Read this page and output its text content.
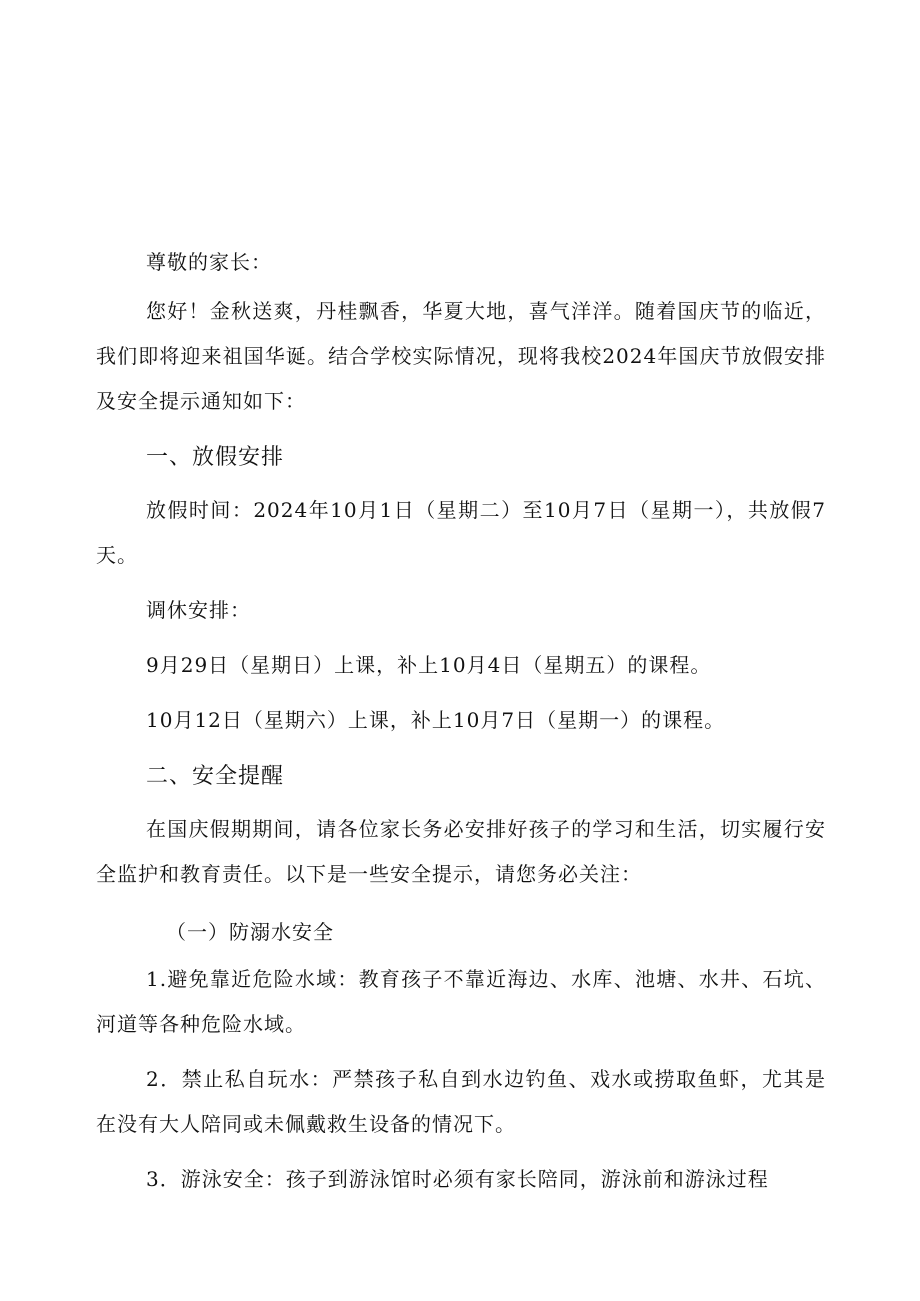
尊敬的家长：

您好！金秋送爽，丹桂飘香，华夏大地，喜气洋洋。随着国庆节的临近，我们即将迎来祖国华诞。结合学校实际情况，现将我校2024年国庆节放假安排及安全提示通知如下：

一、放假安排

放假时间：2024年10月1日（星期二）至10月7日（星期一），共放假7天。

调休安排：

9月29日（星期日）上课，补上10月4日（星期五）的课程。

10月12日（星期六）上课，补上10月7日（星期一）的课程。

二、安全提醒

在国庆假期期间，请各位家长务必安排好孩子的学习和生活，切实履行安全监护和教育责任。以下是一些安全提示，请您务必关注：

（一）防溺水安全

1.避免靠近危险水域：教育孩子不靠近海边、水库、池塘、水井、石坑、河道等各种危险水域。

2．禁止私自玩水：严禁孩子私自到水边钓鱼、戏水或捞取鱼虾，尤其是在没有大人陪同或未佩戴救生设备的情况下。

3．游泳安全：孩子到游泳馆时必须有家长陪同，游泳前和游泳过程
